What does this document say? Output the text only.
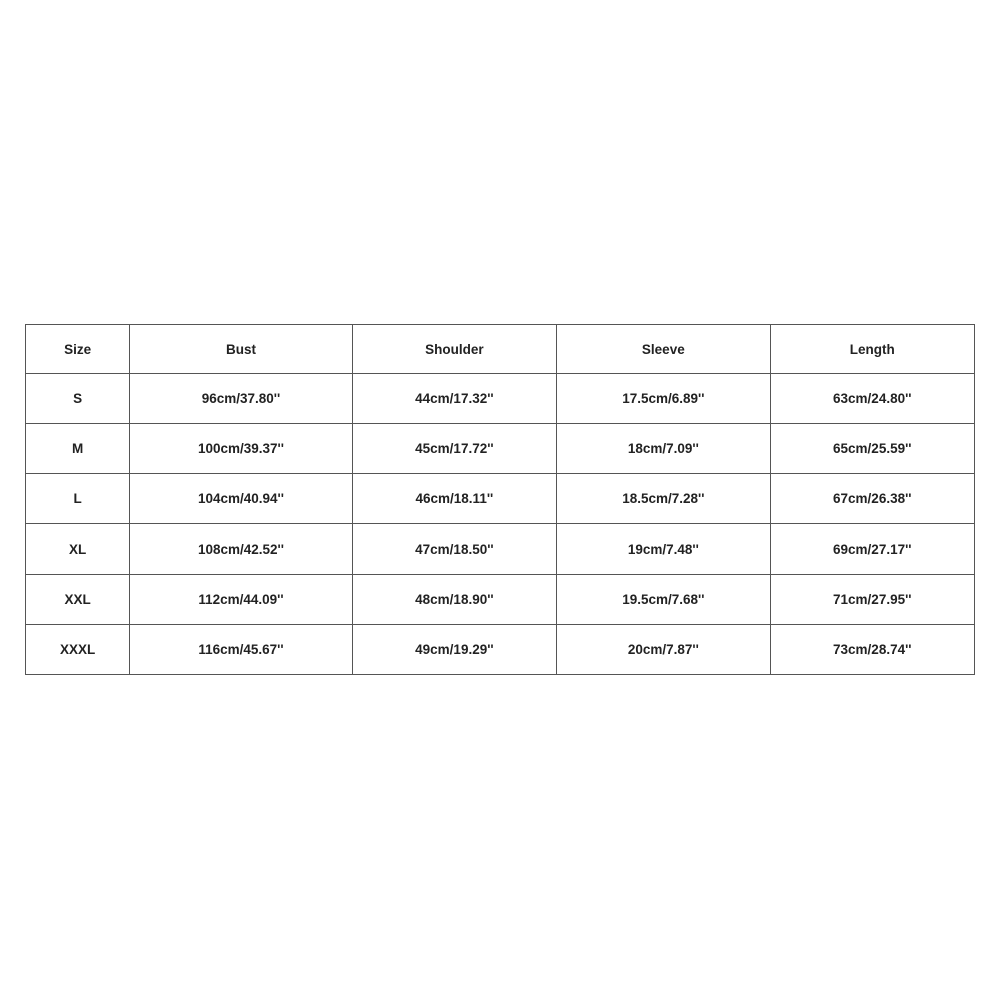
Size	Bust	Shoulder	Sleeve	Length
S	96cm/37.80''	44cm/17.32''	17.5cm/6.89''	63cm/24.80''
M	100cm/39.37''	45cm/17.72''	18cm/7.09''	65cm/25.59''
L	104cm/40.94''	46cm/18.11''	18.5cm/7.28''	67cm/26.38''
XL	108cm/42.52''	47cm/18.50''	19cm/7.48''	69cm/27.17''
XXL	112cm/44.09''	48cm/18.90''	19.5cm/7.68''	71cm/27.95''
XXXL	116cm/45.67''	49cm/19.29''	20cm/7.87''	73cm/28.74''
